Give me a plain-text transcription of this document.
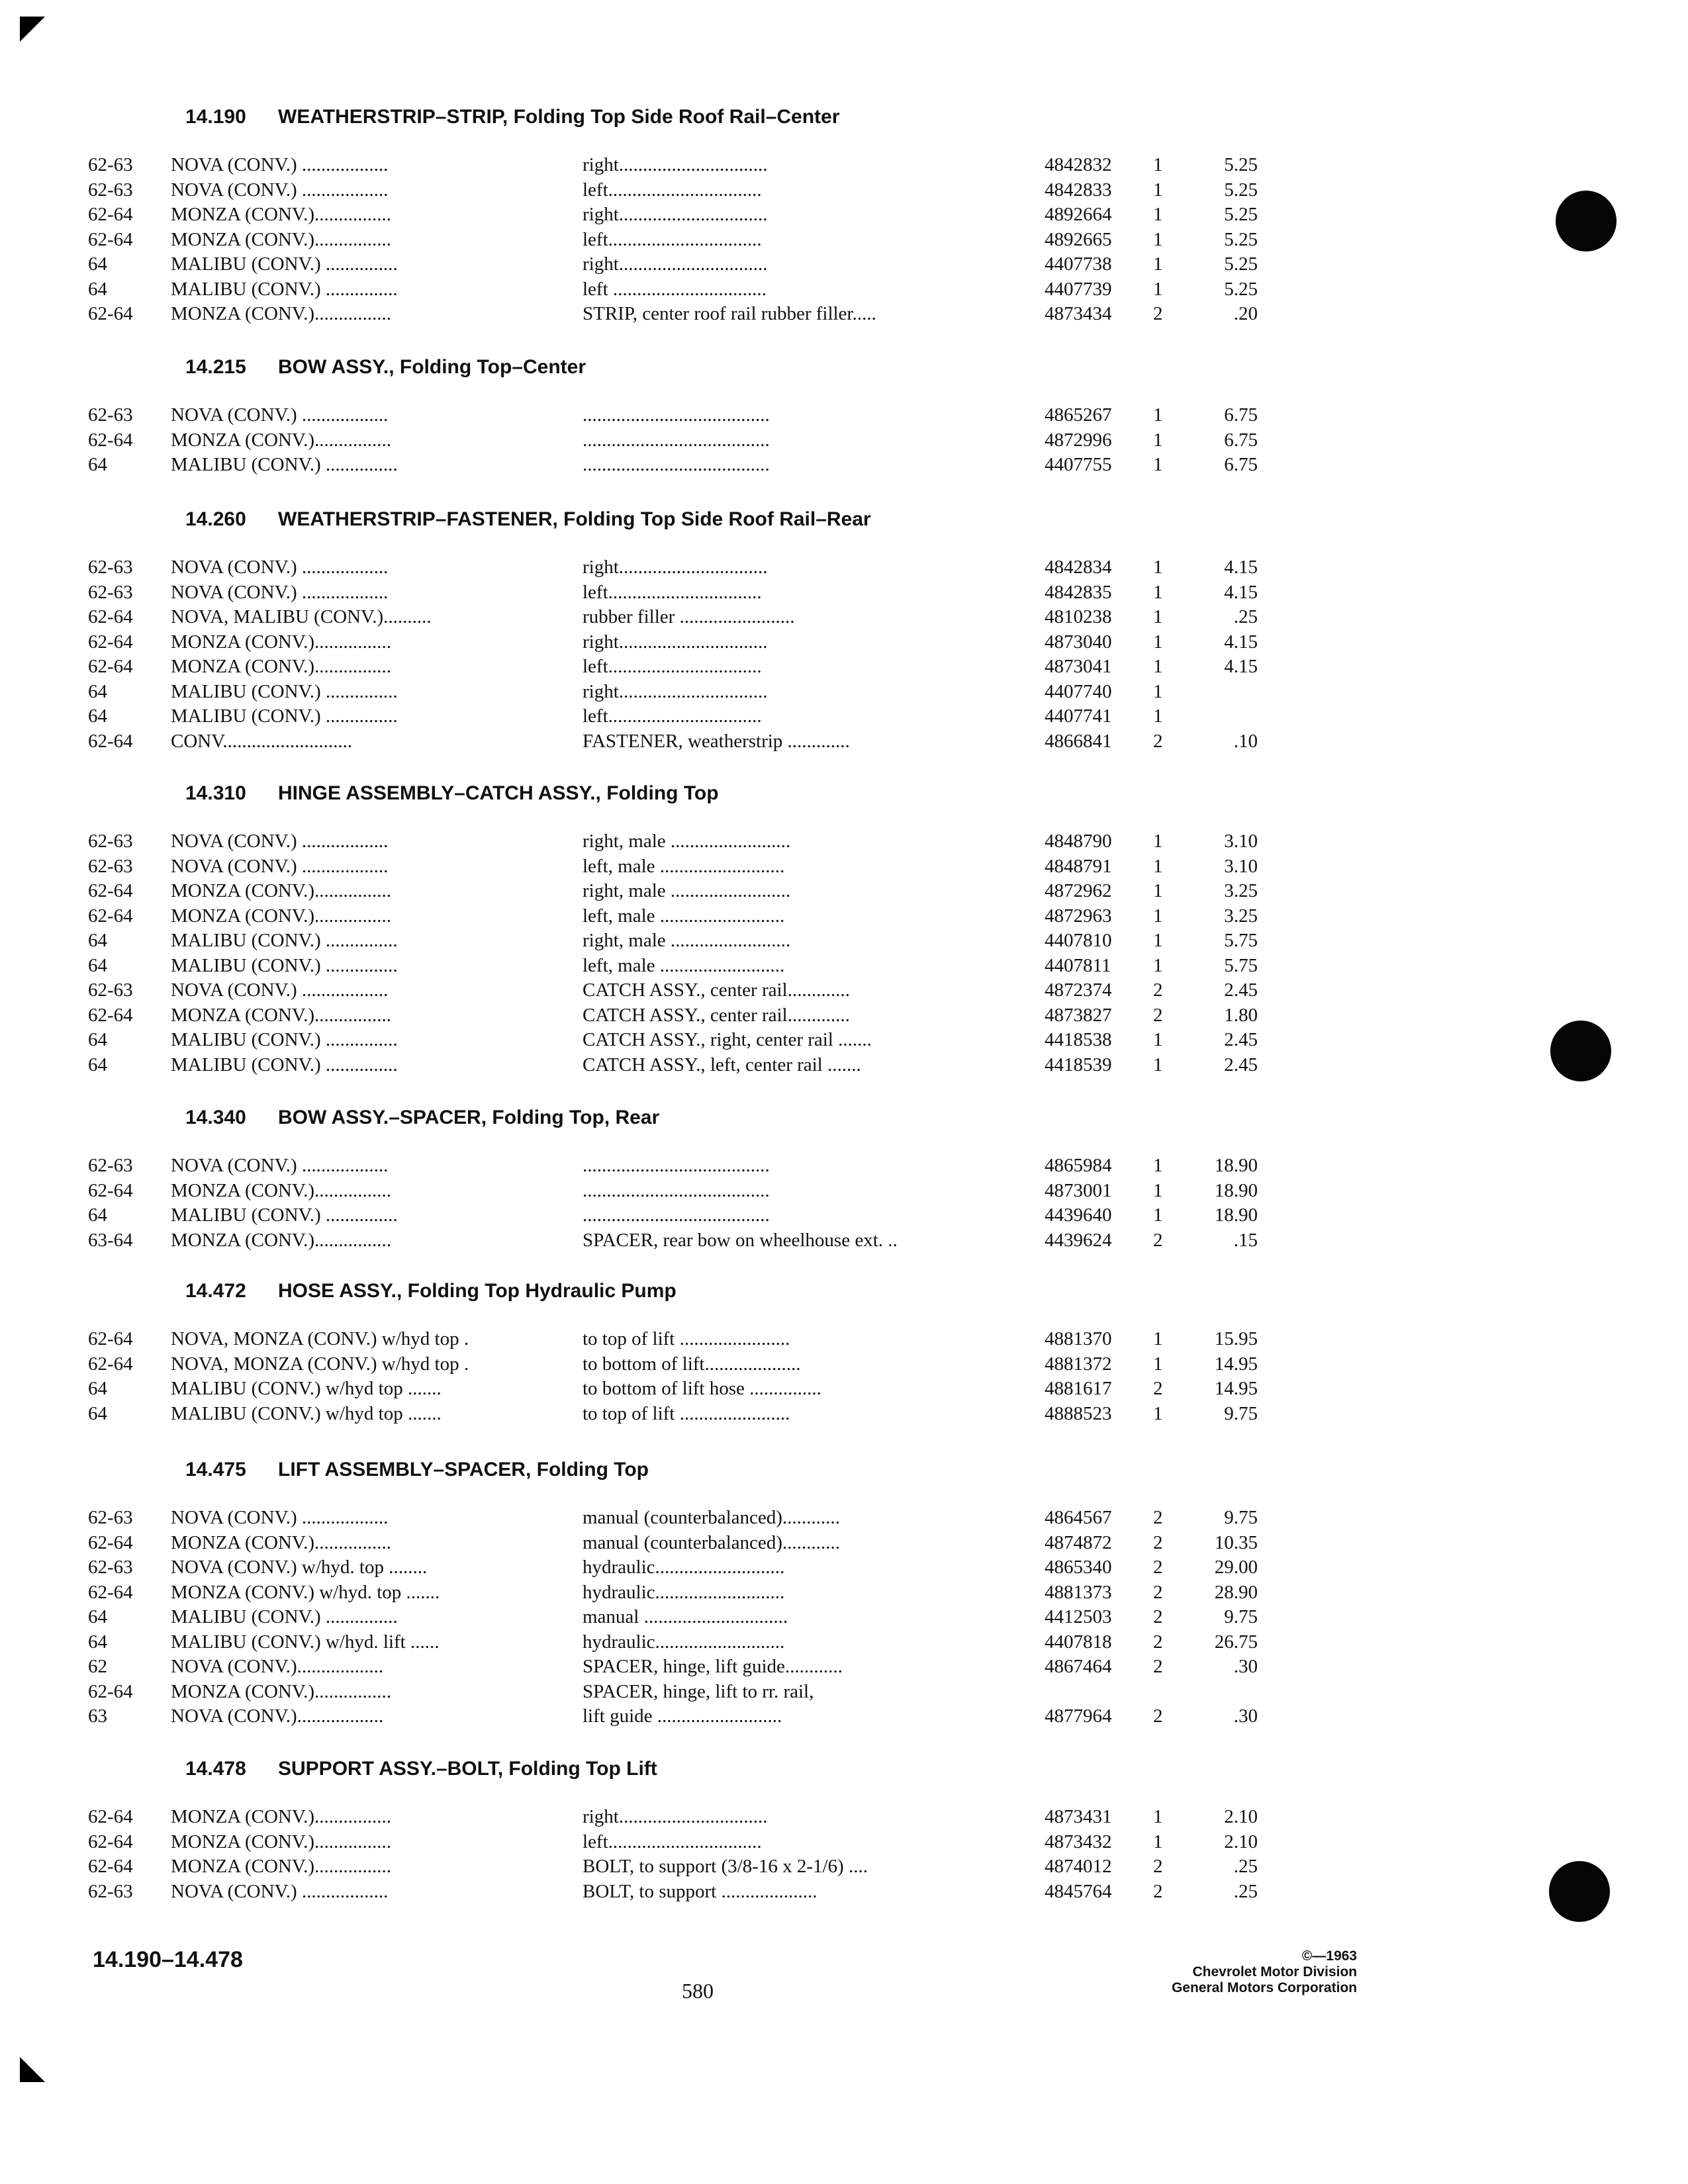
14.190 WEATHERSTRIP–STRIP, Folding Top Side Roof Rail–Center
62-63 NOVA (CONV.) ..................	right...............................	4842832 1	5.25
62-63 NOVA (CONV.) ..................	left................................	4842833 1	5.25
62-64 MONZA (CONV.)................	right...............................	4892664 1	5.25
62-64 MONZA (CONV.)................	left................................	4892665 1	5.25
64	MALIBU (CONV.) ...............	right...............................	4407738 1	5.25
64	MALIBU (CONV.) ...............	left ................................	4407739 1	5.25
62-64 MONZA (CONV.)................	STRIP, center roof rail rubber filler.....	4873434 2	.20
14.215 BOW ASSY., Folding Top–Center
62-63 NOVA (CONV.) ..................	.......................................	4865267 1	6.75
62-64 MONZA (CONV.)................	.......................................	4872996 1	6.75
64	MALIBU (CONV.) ...............	.......................................	4407755 1	6.75
14.260 WEATHERSTRIP–FASTENER, Folding Top Side Roof Rail–Rear
62-63 NOVA (CONV.) ..................	right...............................	4842834 1	4.15
62-63 NOVA (CONV.) ..................	left................................	4842835 1	4.15
62-64 NOVA, MALIBU (CONV.)..........	rubber filler ........................	4810238 1	.25
62-64 MONZA (CONV.)................	right...............................	4873040 1	4.15
62-64 MONZA (CONV.)................	left................................	4873041 1	4.15
64	MALIBU (CONV.) ...............	right...............................	4407740 1
64	MALIBU (CONV.) ...............	left................................	4407741 1
62-64 CONV...........................	FASTENER, weatherstrip .............	4866841 2	.10
14.310 HINGE ASSEMBLY–CATCH ASSY., Folding Top
62-63 NOVA (CONV.) ..................	right, male .........................	4848790 1	3.10
62-63 NOVA (CONV.) ..................	left, male ..........................	4848791 1	3.10
62-64 MONZA (CONV.)................	right, male .........................	4872962 1	3.25
62-64 MONZA (CONV.)................	left, male ..........................	4872963 1	3.25
64	MALIBU (CONV.) ...............	right, male .........................	4407810 1	5.75
64	MALIBU (CONV.) ...............	left, male ..........................	4407811 1	5.75
62-63 NOVA (CONV.) ..................	CATCH ASSY., center rail.............	4872374 2	2.45
62-64 MONZA (CONV.)................	CATCH ASSY., center rail.............	4873827 2	1.80
64	MALIBU (CONV.) ...............	CATCH ASSY., right, center rail .......	4418538 1	2.45
64	MALIBU (CONV.) ...............	CATCH ASSY., left, center rail .......	4418539 1	2.45
14.340 BOW ASSY.–SPACER, Folding Top, Rear
62-63 NOVA (CONV.) ..................	.......................................	4865984 1	18.90
62-64 MONZA (CONV.)................	.......................................	4873001 1	18.90
64	MALIBU (CONV.) ...............	.......................................	4439640 1	18.90
63-64 MONZA (CONV.)................	SPACER, rear bow on wheelhouse ext. ..	4439624 2	.15
14.472 HOSE ASSY., Folding Top Hydraulic Pump
62-64 NOVA, MONZA (CONV.) w/hyd top .	to top of lift .......................	4881370 1	15.95
62-64 NOVA, MONZA (CONV.) w/hyd top .	to bottom of lift....................	4881372 1	14.95
64	MALIBU (CONV.) w/hyd top .......	to bottom of lift hose ...............	4881617 2	14.95
64	MALIBU (CONV.) w/hyd top .......	to top of lift .......................	4888523 1	9.75
14.475 LIFT ASSEMBLY–SPACER, Folding Top
62-63 NOVA (CONV.) ..................	manual (counterbalanced)............	4864567 2	9.75
62-64 MONZA (CONV.)................	manual (counterbalanced)............	4874872 2	10.35
62-63 NOVA (CONV.) w/hyd. top ........	hydraulic...........................	4865340 2	29.00
62-64 MONZA (CONV.) w/hyd. top .......	hydraulic...........................	4881373 2	28.90
64	MALIBU (CONV.) ...............	manual ..............................	4412503 2	9.75
64	MALIBU (CONV.) w/hyd. lift ......	hydraulic...........................	4407818 2	26.75
62	NOVA (CONV.)..................	SPACER, hinge, lift guide............	4867464 2	.30
62-64 MONZA (CONV.)................	SPACER, hinge, lift to rr. rail,
63	NOVA (CONV.)..................	lift guide ..........................	4877964 2	.30
14.478 SUPPORT ASSY.–BOLT, Folding Top Lift
62-64 MONZA (CONV.)................	right...............................	4873431 1	2.10
62-64 MONZA (CONV.)................	left................................	4873432 1	2.10
62-64 MONZA (CONV.)................	BOLT, to support (3/8-16 x 2-1/6) ....	4874012 2	.25
62-63 NOVA (CONV.) ..................	BOLT, to support ....................	4845764 2	.25
14.190–14.478
580
©—1963
Chevrolet Motor Division
General Motors Corporation
